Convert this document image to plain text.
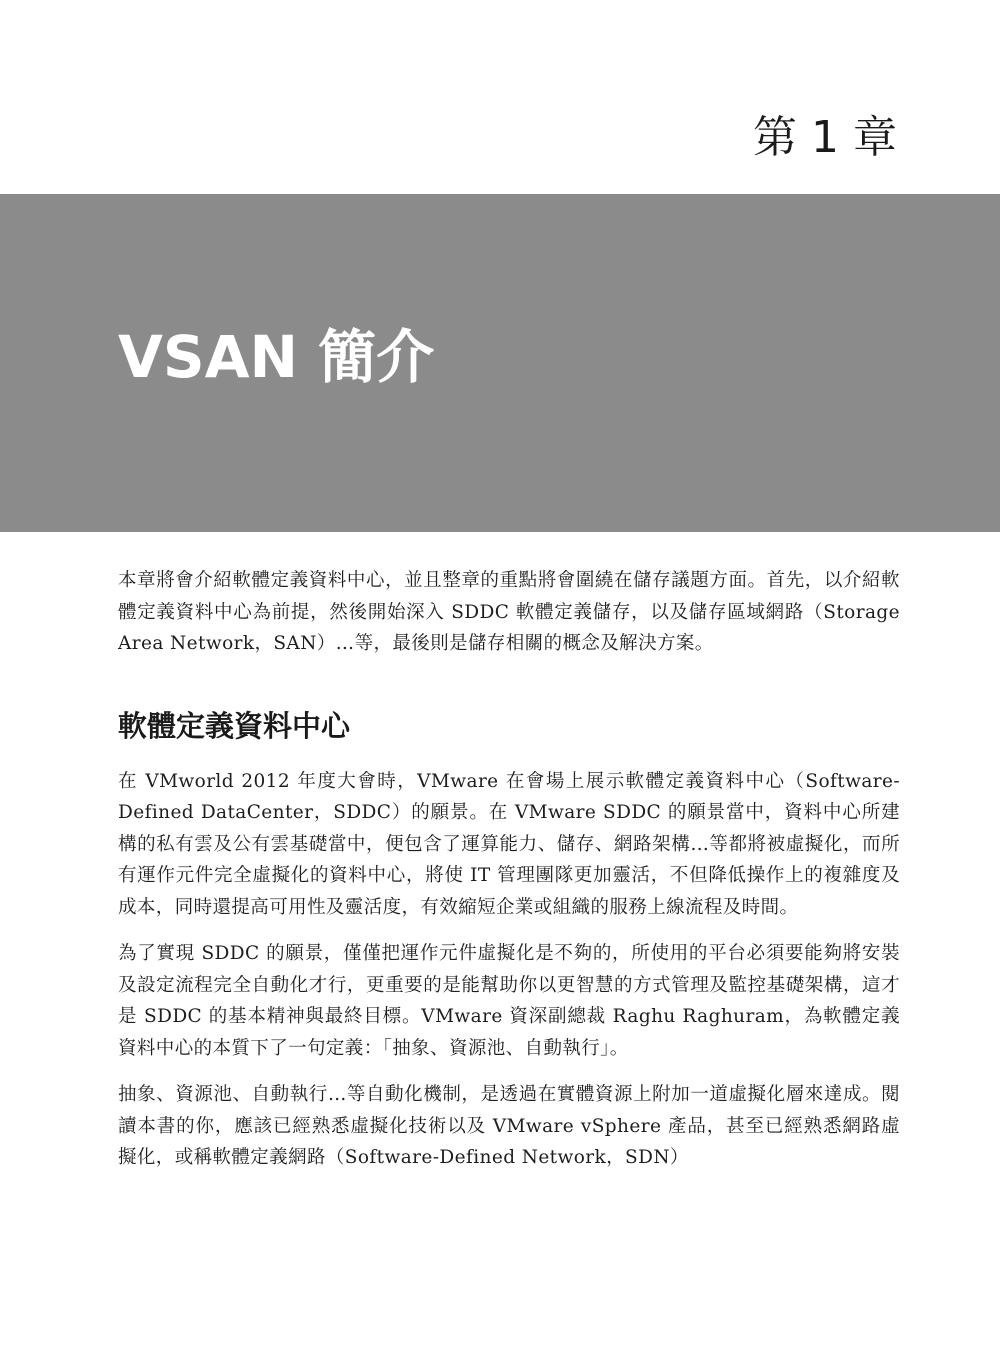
第 1 章
VSAN 簡介

本章將會介紹軟體定義資料中心，並且整章的重點將會圍繞在儲存議題方面。首先，以介紹軟體定義資料中心為前提，然後開始深入 SDDC 軟體定義儲存，以及儲存區域網路（Storage Area Network，SAN）…等，最後則是儲存相關的概念及解決方案。

軟體定義資料中心

在 VMworld 2012 年度大會時，VMware 在會場上展示軟體定義資料中心（Software-Defined DataCenter，SDDC）的願景。在 VMware SDDC 的願景當中，資料中心所建構的私有雲及公有雲基礎當中，便包含了運算能力、儲存、網路架構…等都將被虛擬化，而所有運作元件完全虛擬化的資料中心，將使 IT 管理團隊更加靈活，不但降低操作上的複雜度及成本，同時還提高可用性及靈活度，有效縮短企業或組織的服務上線流程及時間。

為了實現 SDDC 的願景，僅僅把運作元件虛擬化是不夠的，所使用的平台必須要能夠將安裝及設定流程完全自動化才行，更重要的是能幫助你以更智慧的方式管理及監控基礎架構，這才是 SDDC 的基本精神與最終目標。VMware 資深副總裁 Raghu Raghuram，為軟體定義資料中心的本質下了一句定義：「抽象、資源池、自動執行」。

抽象、資源池、自動執行…等自動化機制，是透過在實體資源上附加一道虛擬化層來達成。閱讀本書的你，應該已經熟悉虛擬化技術以及 VMware vSphere 產品，甚至已經熟悉網路虛擬化，或稱軟體定義網路（Software-Defined Network，SDN）
